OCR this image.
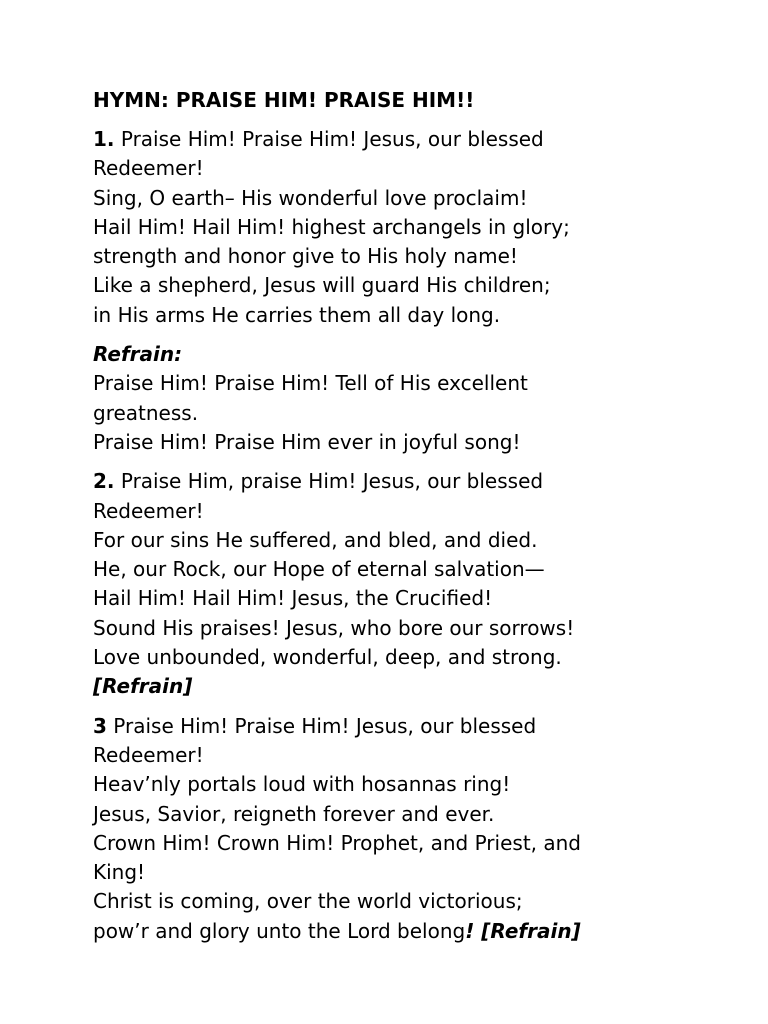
HYMN: PRAISE HIM! PRAISE HIM!!
1. Praise Him! Praise Him! Jesus, our blessed
Redeemer!
Sing, O earth– His wonderful love proclaim!
Hail Him! Hail Him! highest archangels in glory;
strength and honor give to His holy name!
Like a shepherd, Jesus will guard His children;
in His arms He carries them all day long.
Refrain:
Praise Him! Praise Him! Tell of His excellent
greatness.
Praise Him! Praise Him ever in joyful song!
2. Praise Him, praise Him! Jesus, our blessed
Redeemer!
For our sins He suffered, and bled, and died.
He, our Rock, our Hope of eternal salvation—
Hail Him! Hail Him! Jesus, the Crucified!
Sound His praises! Jesus, who bore our sorrows!
Love unbounded, wonderful, deep, and strong.
[Refrain]
3 Praise Him! Praise Him! Jesus, our blessed
Redeemer!
Heav’nly portals loud with hosannas ring!
Jesus, Savior, reigneth forever and ever.
Crown Him! Crown Him! Prophet, and Priest, and
King!
Christ is coming, over the world victorious;
pow’r and glory unto the Lord belong! [Refrain]
